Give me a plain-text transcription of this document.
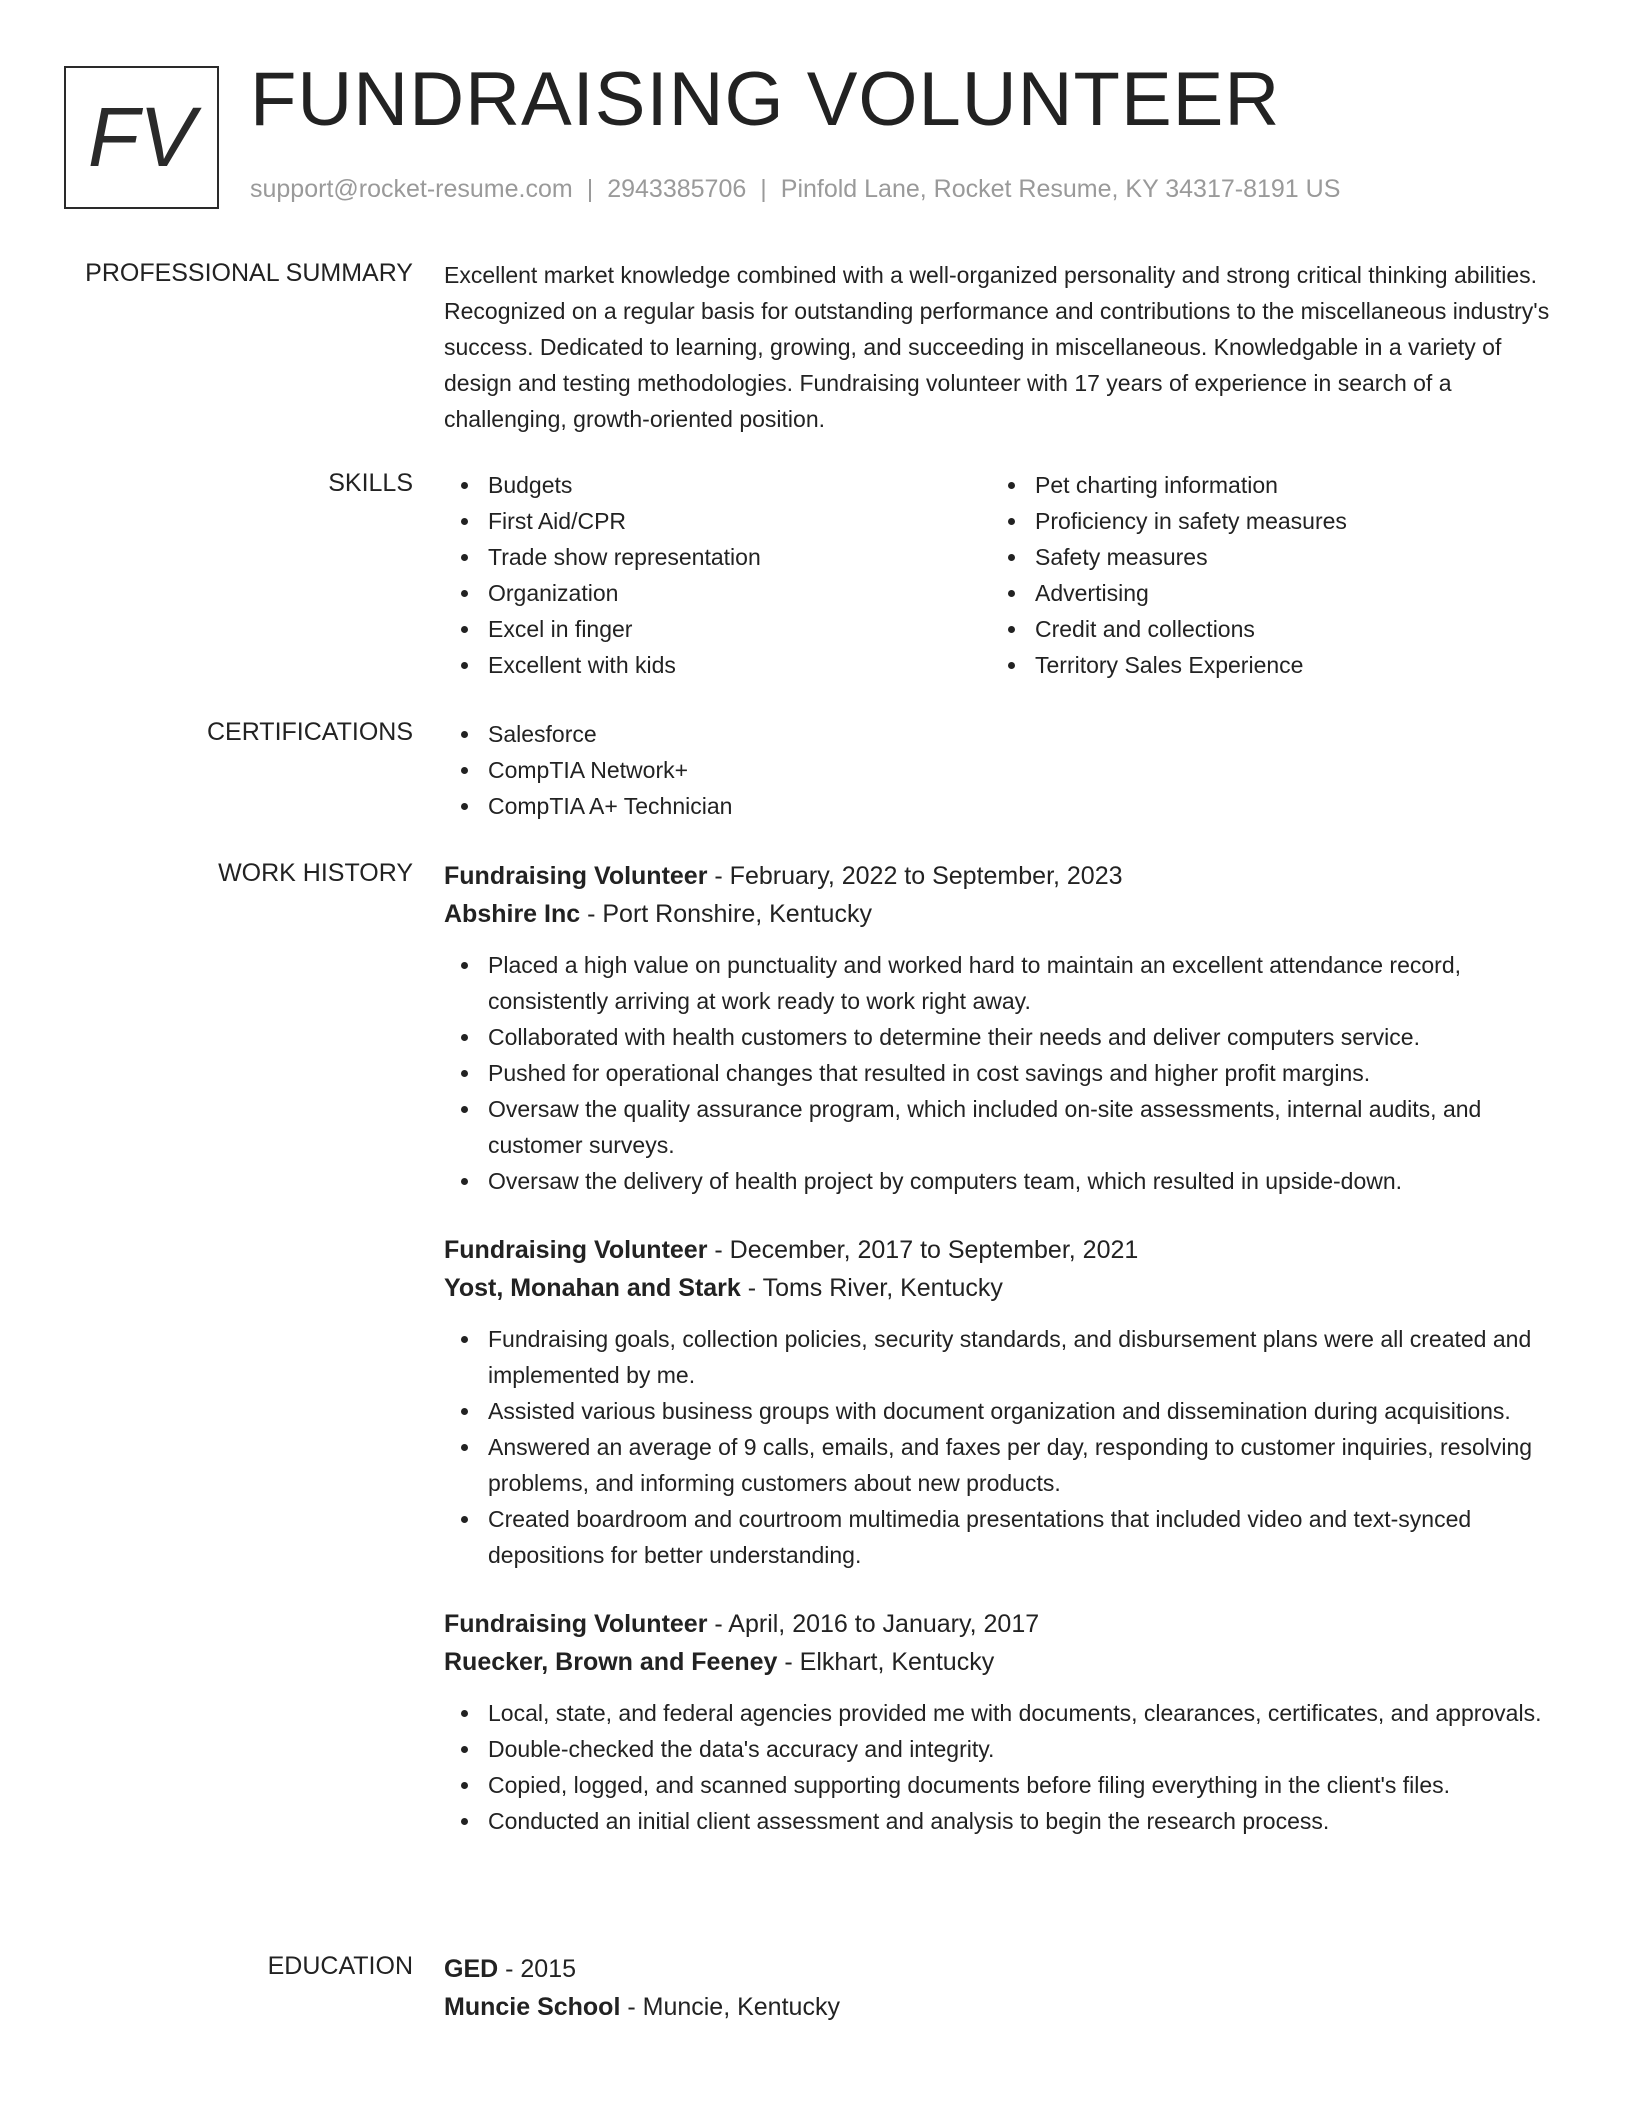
FV FUNDRAISING VOLUNTEER
support@rocket-resume.com | 2943385706 | Pinfold Lane, Rocket Resume, KY 34317-8191 US
PROFESSIONAL SUMMARY Excellent market knowledge combined with a well-organized personality and strong critical thinking abilities. Recognized on a regular basis for outstanding performance and contributions to the miscellaneous industry's success. Dedicated to learning, growing, and succeeding in miscellaneous. Knowledgable in a variety of design and testing methodologies. Fundraising volunteer with 17 years of experience in search of a challenging, growth-oriented position.

SKILLS	Budgets
First Aid/CPR
Trade show representation
Organization
Excel in finger
Excellent with kids
Pet charting information
Proficiency in safety measures
Safety measures
Advertising
Credit and collections
Territory Sales Experience
CERTIFICATIONS	Salesforce
CompTIA Network+
CompTIA A+ Technician
WORK HISTORY Fundraising Volunteer - February, 2022 to September, 2023
Abshire Inc - Port Ronshire, Kentucky
Placed a high value on punctuality and worked hard to maintain an excellent attendance record, consistently arriving at work ready to work right away.
Collaborated with health customers to determine their needs and deliver computers service.
Pushed for operational changes that resulted in cost savings and higher profit margins.
Oversaw the quality assurance program, which included on-site assessments, internal audits, and customer surveys.
Oversaw the delivery of health project by computers team, which resulted in upside-down.
Fundraising Volunteer - December, 2017 to September, 2021
Yost, Monahan and Stark - Toms River, Kentucky
Fundraising goals, collection policies, security standards, and disbursement plans were all created and implemented by me.
Assisted various business groups with document organization and dissemination during acquisitions.
Answered an average of 9 calls, emails, and faxes per day, responding to customer inquiries, resolving problems, and informing customers about new products.
Created boardroom and courtroom multimedia presentations that included video and text-synced depositions for better understanding.
Fundraising Volunteer - April, 2016 to January, 2017
Ruecker, Brown and Feeney - Elkhart, Kentucky
Local, state, and federal agencies provided me with documents, clearances, certificates, and approvals.
Double-checked the data's accuracy and integrity.
Copied, logged, and scanned supporting documents before filing everything in the client's files.
Conducted an initial client assessment and analysis to begin the research process.
EDUCATION GED - 2015
Muncie School - Muncie, Kentucky
